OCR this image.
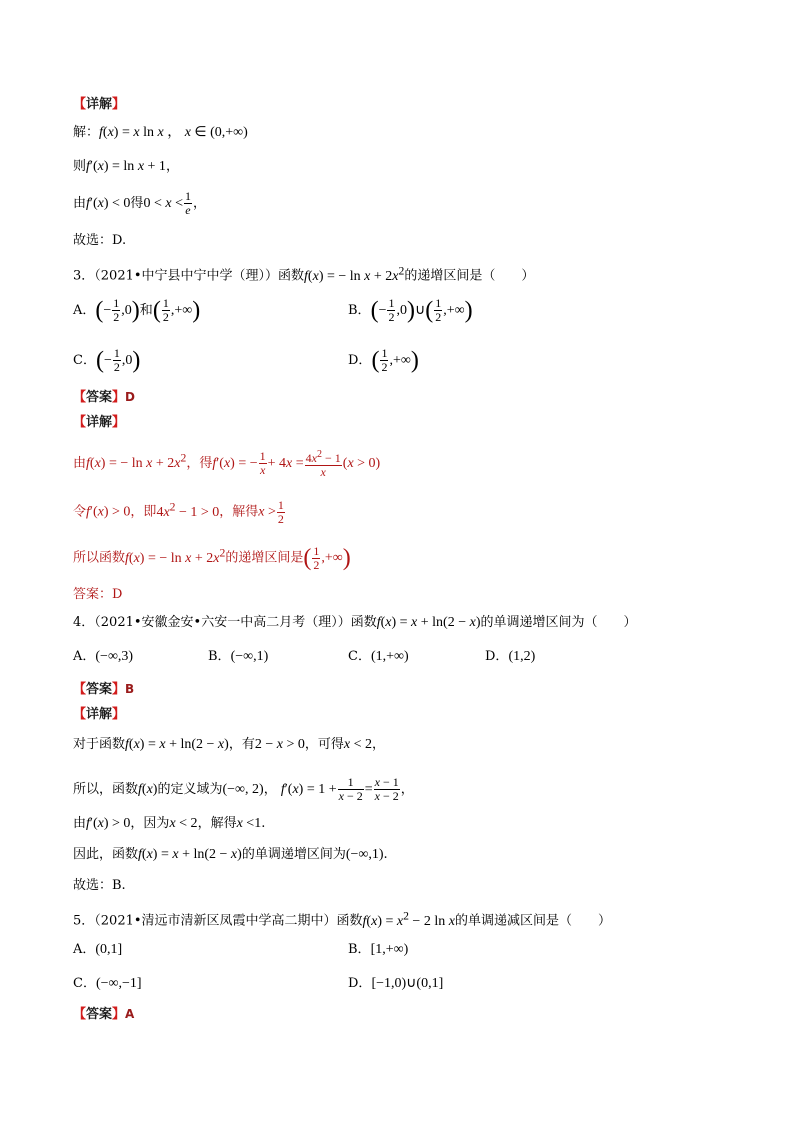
【详解】
解：f(x) = x ln x ， x ∈ (0,+∞)
则f′(x) = ln x + 1，
由f′(x) < 0得$0 < x < \frac{1}{e}$ ，
故选：D.
3．（2021•中宁县中宁中学（理））函数f(x) = − $\ln x + 2x^2$的递增区间是（　　）
A．(− $\frac{1}{2} ,0$)和( $\frac{1}{2}$ ,+∞)	B．(− $\frac{1}{2}$ ,0)∪( $\frac{1}{2}$ ,+∞)
C．(− $\frac{1}{2} ,0$)	D．( $\frac{1}{2}$ ,+∞)
【答案】D
【详解】
由f(x) = − $\ln x + 2x^2$，得f′(x) = − $\frac{1}{x} + 4x = \frac{4x^2 - 1}{x} (x > 0)$
令f′(x) > 0，即$4x^2 - 1 > 0$，解得$x > \frac{1}{2}$
所以函数f(x) = − $\ln x + 2x^2$的递增区间是( $\frac{1}{2}$ ,+∞)
答案：D
4．（2021•安徽金安•六安一中高二月考（理））函数f(x) = x + ln(2 − x)的单调递增区间为（　　）
A．(−∞,3)	B．(−∞,1)	C．(1,+∞)	D．(1,2)
【答案】B
【详解】
对于函数f(x) = x + ln(2 − x)，有2 − x > 0，可得x < 2，
所以，函数f(x)的定义域为(−∞, 2)， $f'(x) = 1 + \frac{1}{x - 2} = \frac{x - 1}{x - 2}$ ，
由f′(x) > 0，因为x < 2，解得x <1.
因此，函数f(x) = x + ln(2 − x)的单调递增区间为(−∞,1).
故选：B.
5．（2021•清远市清新区凤霞中学高二期中）函数$f(x) = x^2 - 2$ ln x的单调递减区间是（　　）
A．(0,1]	B．[1,+∞)
C．(−∞,−1]	D．[−1,0)∪(0,1]
【答案】A
